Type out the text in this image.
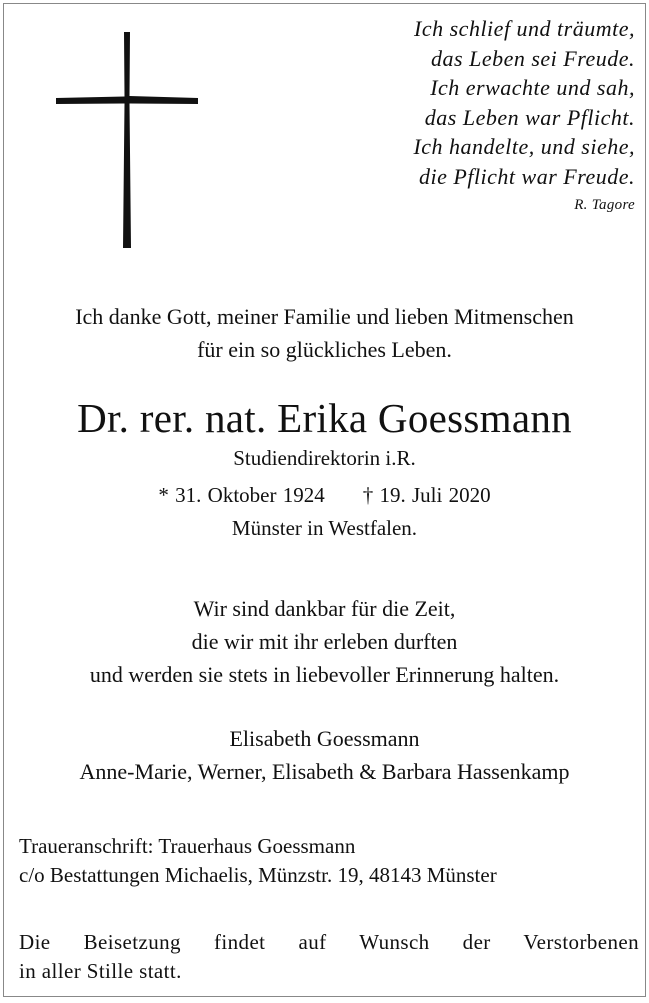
Ich schlief und träumte,
das Leben sei Freude.
Ich erwachte und sah,
das Leben war Pflicht.
Ich handelte, und siehe,
die Pflicht war Freude.
R. Tagore
Ich danke Gott, meiner Familie und lieben Mitmenschen
für ein so glückliches Leben.
Dr. rer. nat. Erika Goessmann
Studiendirektorin i.R.
* 31. Oktober 1924 † 19. Juli 2020
Münster in Westfalen.
Wir sind dankbar für die Zeit,
die wir mit ihr erleben durften
und werden sie stets in liebevoller Erinnerung halten.
Elisabeth Goessmann
Anne-Marie, Werner, Elisabeth & Barbara Hassenkamp
Traueranschrift: Trauerhaus Goessmann
c/o Bestattungen Michaelis, Münzstr. 19, 48143 Münster
Die Beisetzung findet auf Wunsch der Verstorbenen
in aller Stille statt.
